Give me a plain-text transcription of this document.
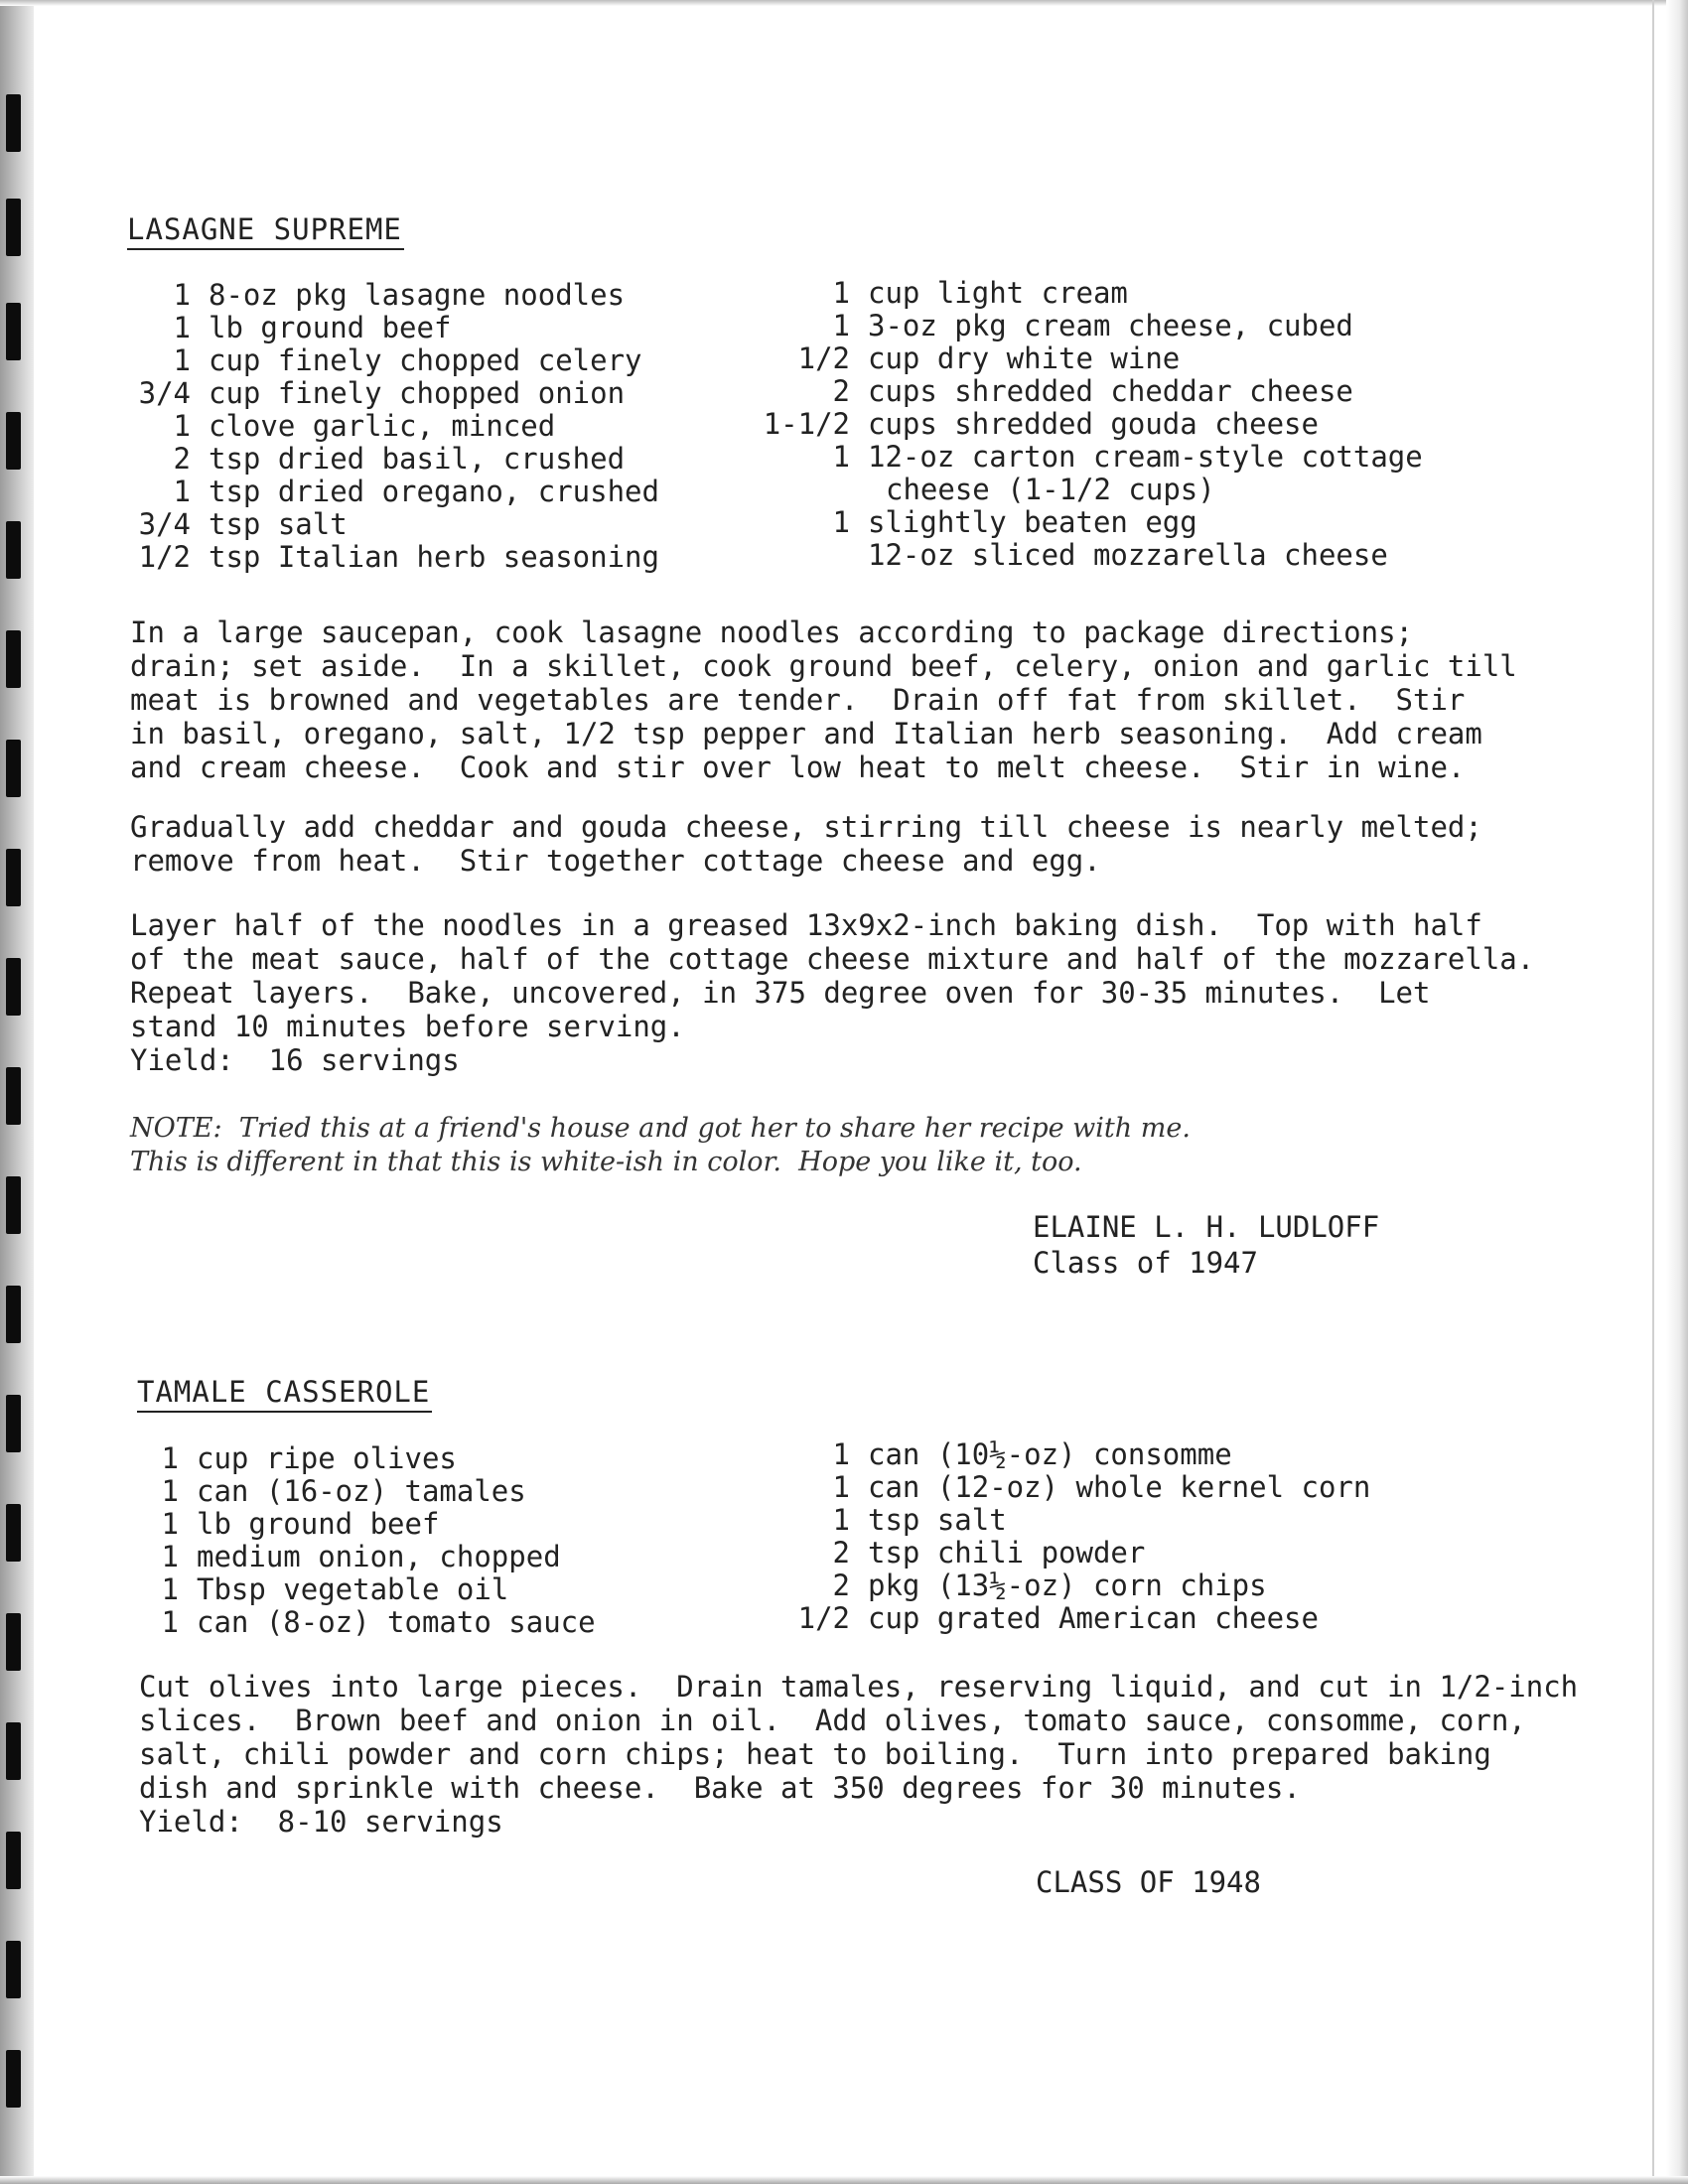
LASAGNE SUPREME
1 8-oz pkg lasagne noodles
1 lb ground beef
1 cup finely chopped celery
3/4 cup finely chopped onion
1 clove garlic, minced
2 tsp dried basil, crushed
1 tsp dried oregano, crushed
3/4 tsp salt
1/2 tsp Italian herb seasoning
1 cup light cream
1 3-oz pkg cream cheese, cubed
1/2 cup dry white wine
2 cups shredded cheddar cheese
1-1/2 cups shredded gouda cheese
1 12-oz carton cream-style cottage
cheese (1-1/2 cups)
1 slightly beaten egg
12-oz sliced mozzarella cheese
In a large saucepan, cook lasagne noodles according to package directions;
drain; set aside.  In a skillet, cook ground beef, celery, onion and garlic till
meat is browned and vegetables are tender.  Drain off fat from skillet.  Stir
in basil, oregano, salt, 1/2 tsp pepper and Italian herb seasoning.  Add cream
and cream cheese.  Cook and stir over low heat to melt cheese.  Stir in wine.
Gradually add cheddar and gouda cheese, stirring till cheese is nearly melted;
remove from heat.  Stir together cottage cheese and egg.
Layer half of the noodles in a greased 13x9x2-inch baking dish.  Top with half
of the meat sauce, half of the cottage cheese mixture and half of the mozzarella.
Repeat layers.  Bake, uncovered, in 375 degree oven for 30-35 minutes.  Let
stand 10 minutes before serving.
Yield:  16 servings
NOTE:  Tried this at a friend's house and got her to share her recipe with me.
This is different in that this is white-ish in color.  Hope you like it, too.
ELAINE L. H. LUDLOFF
Class of 1947
TAMALE CASSEROLE
1 cup ripe olives
1 can (16-oz) tamales
1 lb ground beef
1 medium onion, chopped
1 Tbsp vegetable oil
1 can (8-oz) tomato sauce
1 can (10½-oz) consomme
1 can (12-oz) whole kernel corn
1 tsp salt
2 tsp chili powder
2 pkg (13½-oz) corn chips
1/2 cup grated American cheese
Cut olives into large pieces.  Drain tamales, reserving liquid, and cut in 1/2-inch
slices.  Brown beef and onion in oil.  Add olives, tomato sauce, consomme, corn,
salt, chili powder and corn chips; heat to boiling.  Turn into prepared baking
dish and sprinkle with cheese.  Bake at 350 degrees for 30 minutes.
Yield:  8-10 servings
CLASS OF 1948
